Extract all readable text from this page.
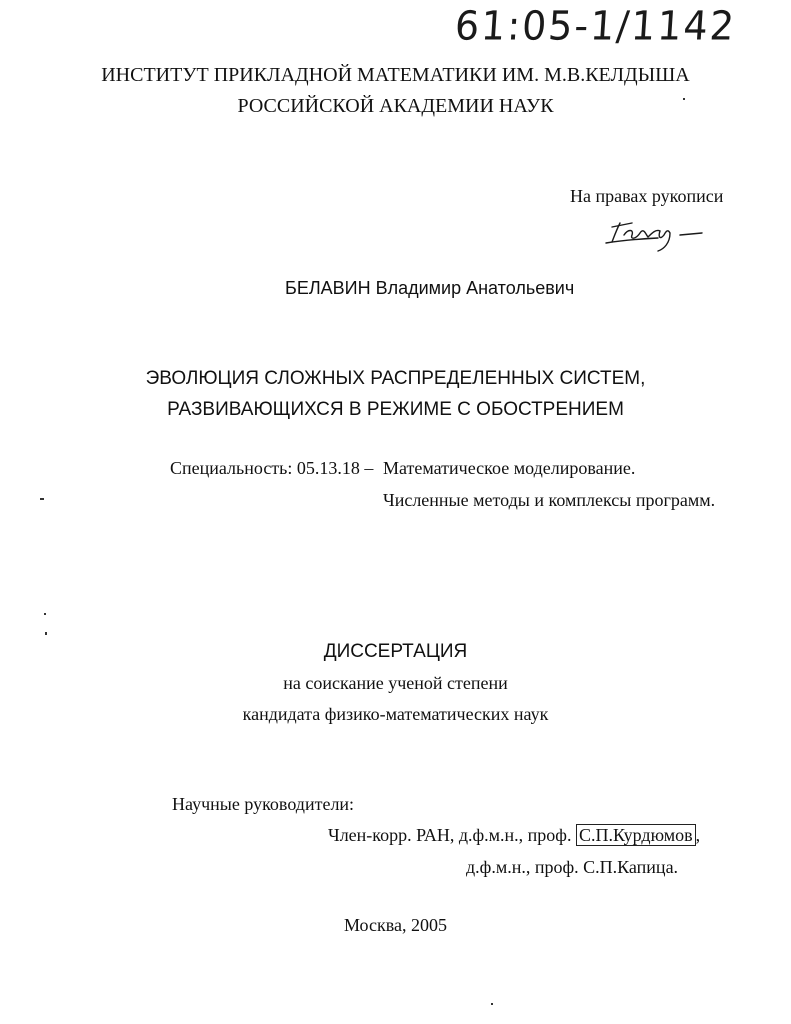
61:05-1/1142
ИНСТИТУТ ПРИКЛАДНОЙ МАТЕМАТИКИ ИМ. М.В.КЕЛДЫША
РОССИЙСКОЙ АКАДЕМИИ НАУК
На правах рукописи
БЕЛАВИН Владимир Анатольевич
ЭВОЛЮЦИЯ СЛОЖНЫХ РАСПРЕДЕЛЕННЫХ СИСТЕМ,
РАЗВИВАЮЩИХСЯ В РЕЖИМЕ С ОБОСТРЕНИЕМ
Специальность: 05.13.18 – Математическое моделирование.
Численные методы и комплексы программ.
ДИССЕРТАЦИЯ
на соискание ученой степени
кандидата физико-математических наук
Научные руководители:
Член-корр. РАН, д.ф.м.н., проф. С.П.Курдюмов ,
д.ф.м.н., проф. С.П.Капица.
Москва, 2005
